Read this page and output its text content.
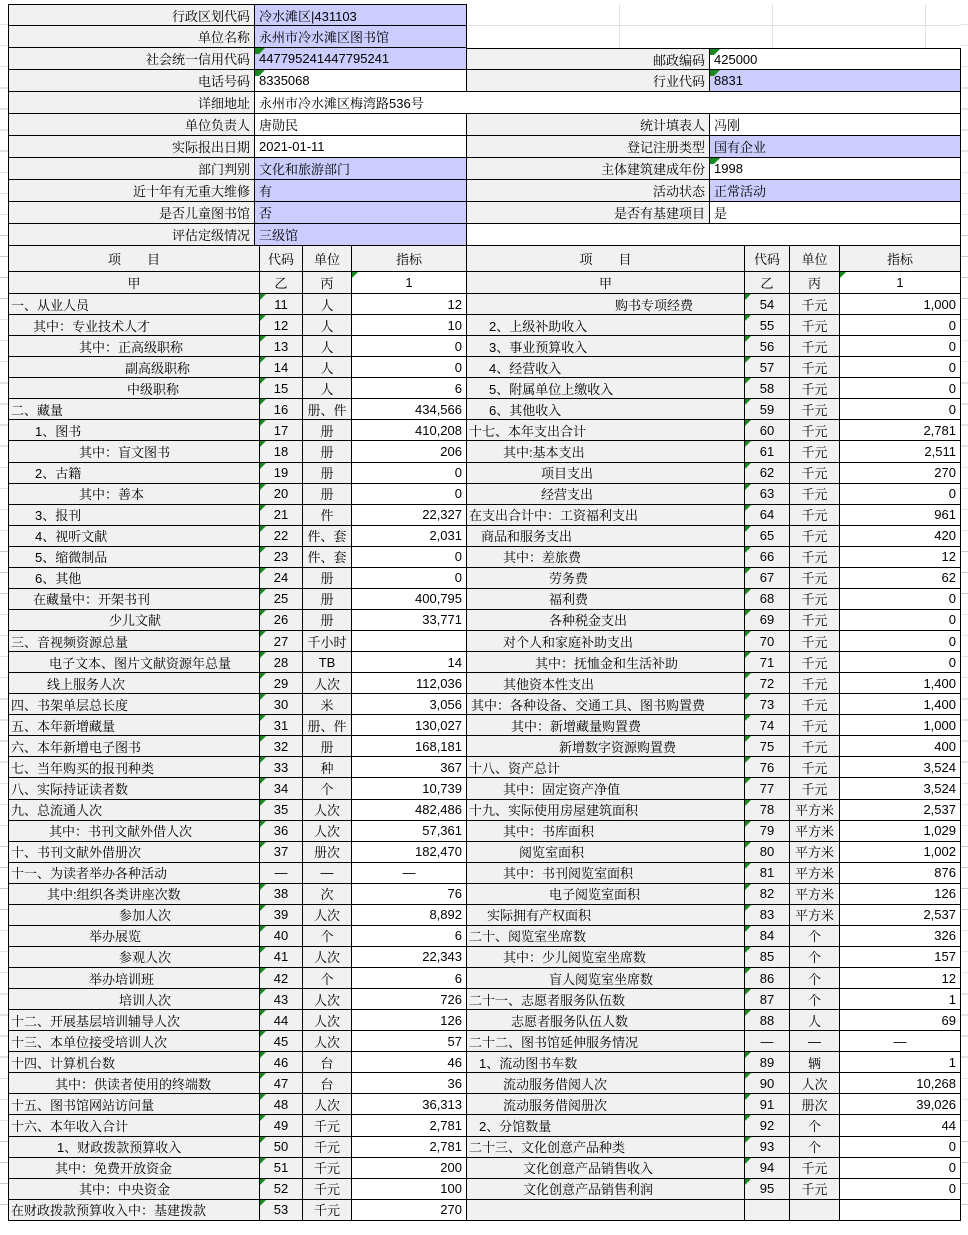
行政区划代码 冷水滩区|431103
单位名称 永州市冷水滩区图书馆
社会统一信用代码 447795241447795241	邮政编码 425000
电话号码 8335068	行业代码 8831
详细地址 永州市冷水滩区梅湾路536号
单位负责人 唐勋民	统计填表人 冯刚
实际报出日期 2021-01-11	登记注册类型 国有企业
部门判别 文化和旅游部门	主体建筑建成年份 1998
近十年有无重大维修 有	活动状态 正常活动
是否儿童图书馆 否	是否有基建项目 是
评估定级情况 三级馆
项　　目	代码 单位	指标	项　　目	代码 单位	指标
甲	乙	丙	1	甲	乙	丙	1
一、从业人员	11	人	12	购书专项经费	54 千元	1,000
其中：专业技术人才	12 人	10	2、上级补助收入	55 千元	0
其中：正高级职称	13 人	0	3、事业预算收入	56 千元	0
副高级职称	14 人	0	4、经营收入	57 千元	0
中级职称	15 人	6	5、附属单位上缴收入	58 千元	0
二、藏量	16 册、件	434,566	6、其他收入	59 千元	0
1、图书	17 册	410,208 十七、本年支出合计	60 千元	2,781
其中：盲文图书	18 册	206	其中:基本支出	61 千元	2,511
2、古籍	19 册	0	项目支出	62 千元	270
其中：善本	20 册	0	经营支出	63 千元	0
3、报刊	21 件	22,327 在支出合计中：工资福利支出	64 千元	961
4、视听文献	22 件、套	2,031	商品和服务支出	65 千元	420
5、缩微制品	23 件、套	0	其中：差旅费	66 千元	12
6、其他	24 册	0	劳务费	67 千元	62
在藏量中：开架书刊	25 册	400,795	福利费	68 千元	0
少儿文献	26 册	33,771	各种税金支出	69 千元	0
三、音视频资源总量	27 千小时	对个人和家庭补助支出	70 千元	0
电子文本、图片文献资源年总量	28 TB	14	其中：抚恤金和生活补助	71 千元	0
线上服务人次	29 人次	112,036	其他资本性支出	72 千元	1,400
四、书架单层总长度	30 米	3,056 其中：各种设备、交通工具、图书购置费	73 千元	1,400
五、本年新增藏量	31 册、件	130,027	其中：新增藏量购置费	74 千元	1,000
六、本年新增电子图书	32 册	168,181	新增数字资源购置费	75 千元	400
七、当年购买的报刊种类	33 种	367 十八、资产总计	76 千元	3,524
八、实际持证读者数	34 个	10,739	其中：固定资产净值	77 千元	3,524
九、总流通人次	35 人次	482,486 十九、实际使用房屋建筑面积	78 平方米	2,537
其中：书刊文献外借人次	36 人次	57,361	其中：书库面积	79 平方米	1,029
十、书刊文献外借册次	37 册次	182,470	阅览室面积	80 平方米	1,002
十一、为读者举办各种活动	—	—	—	其中：书刊阅览室面积	81 平方米	876
其中:组织各类讲座次数	38 次	76	电子阅览室面积	82 平方米	126
参加人次	39 人次	8,892	实际拥有产权面积	83 平方米	2,537
举办展览	40 个	6 二十、阅览室坐席数	84	个	326
参观人次	41 人次	22,343	其中：少儿阅览室坐席数	85	个	157
举办培训班	42 个	6	盲人阅览室坐席数	86	个	12
培训人次	43 人次	726 二十一、志愿者服务队伍数	87	个	1
十二、开展基层培训辅导人次	44 人次	126	志愿者服务队伍人数	88	人	69
十三、本单位接受培训人次	45 人次	57 二十二、图书馆延伸服务情况	—	—	—
十四、计算机台数	46 台	46	1、流动图书车数	89	辆	1
其中：供读者使用的终端数	47 台	36	流动服务借阅人次	90 人次	10,268
十五、图书馆网站访问量	48 人次	36,313	流动服务借阅册次	91 册次	39,026
十六、本年收入合计	49 千元	2,781	2、分馆数量	92	个	44
1、财政拨款预算收入	50 千元	2,781 二十三、文化创意产品种类	93	个	0
其中：免费开放资金	51 千元	200	文化创意产品销售收入	94 千元	0
其中：中央资金	52 千元	100	文化创意产品销售利润	95 千元	0
在财政拨款预算收入中：基建拨款	53 千元	270
